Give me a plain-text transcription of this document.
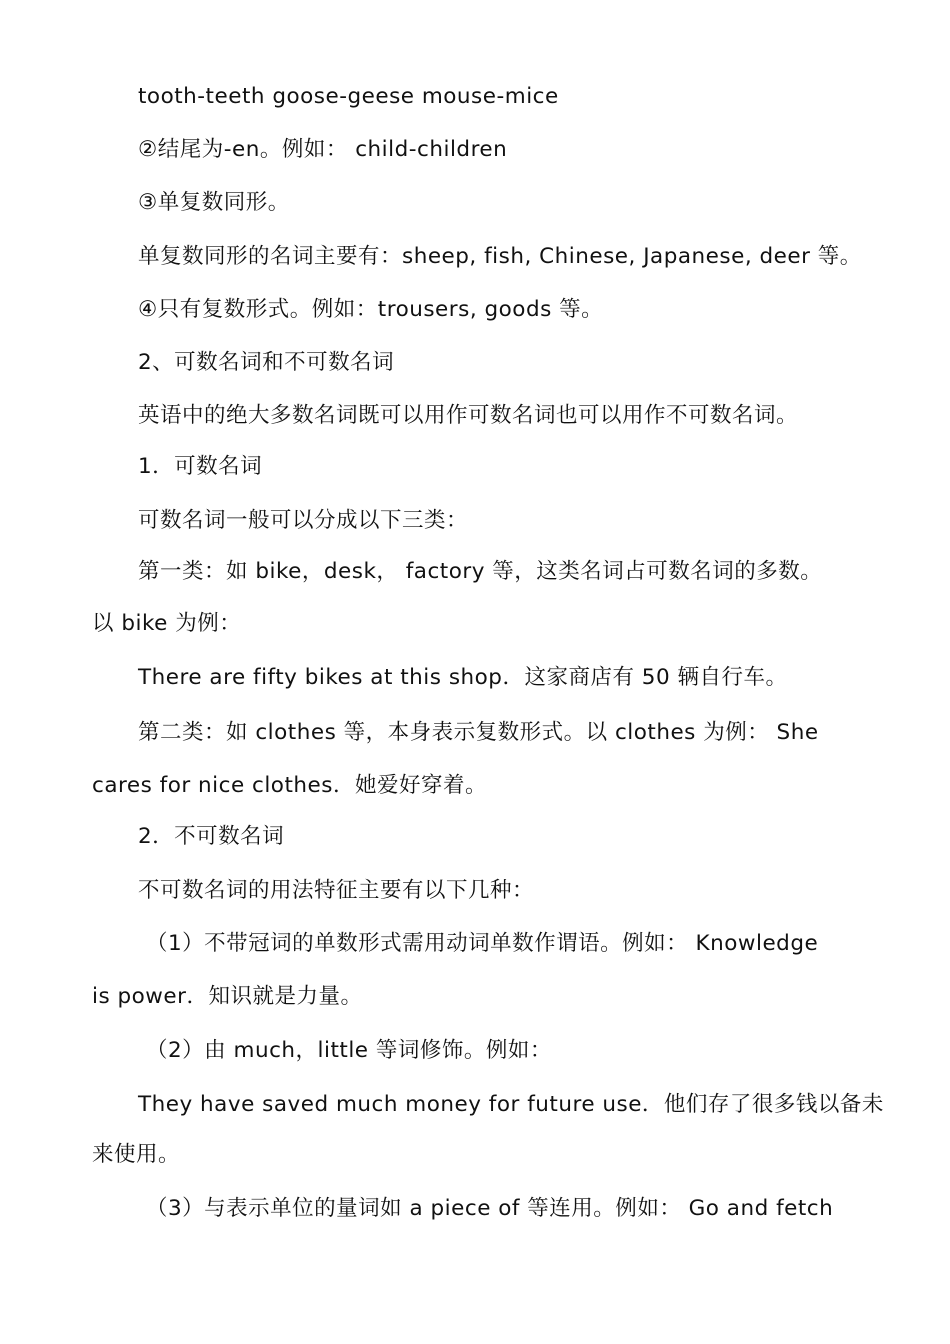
tooth-teeth goose-geese mouse-mice
②结尾为-en。例如： child-children
③单复数同形。
单复数同形的名词主要有：sheep, fish, Chinese, Japanese, deer 等。
④只有复数形式。例如：trousers, goods 等。
2、可数名词和不可数名词
英语中的绝大多数名词既可以用作可数名词也可以用作不可数名词。
1．可数名词
可数名词一般可以分成以下三类：
第一类：如 bike，desk， factory 等，这类名词占可数名词的多数。
以 bike 为例：
There are fifty bikes at this shop．这家商店有 50 辆自行车。
第二类：如 clothes 等，本身表示复数形式。以 clothes 为例： She
cares for nice clothes．她爱好穿着。
2．不可数名词
不可数名词的用法特征主要有以下几种：
（1）不带冠词的单数形式需用动词单数作谓语。例如： Knowledge
is power．知识就是力量。
（2）由 much，little 等词修饰。例如：
They have saved much money for future use．他们存了很多钱以备未
来使用。
（3）与表示单位的量词如 a piece of 等连用。例如： Go and fetch
